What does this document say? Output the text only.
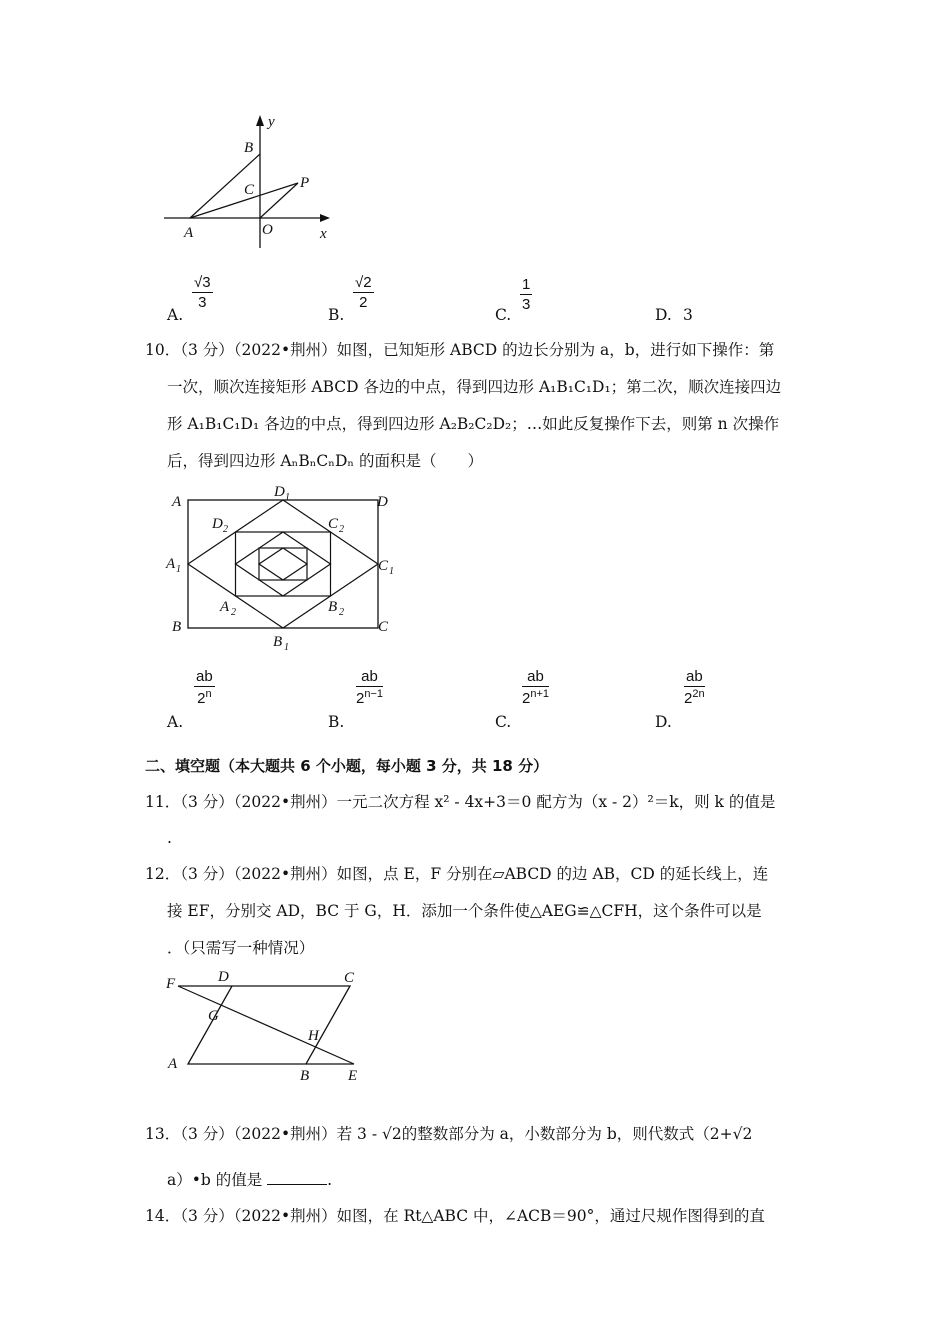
y
B
C	P
A	O	x
A.
√3
3
B.
√2
2
C.
1
3
D. 3
10．（3 分）（2022•荆州）如图，已知矩形 ABCD 的边长分别为 a，b，进行如下操作：第
一次，顺次连接矩形 ABCD 各边的中点，得到四边形 A₁B₁C₁D₁；第二次，顺次连接四边
形 A₁B₁C₁D₁ 各边的中点，得到四边形 A₂B₂C₂D₂；…如此反复操作下去，则第 n 次操作
后，得到四边形 AₙBₙCₙDₙ 的面积是（　　）
A
D 1	D
D 2	C 2
A 1	C 1
A 2	B 2
B
B 1
C
A.
ab
2$^n$
B.
ab
$2^{n-1}$
C.
ab
$2^{n+1}$
D.
ab
$2^{2n}$
二、填空题（本大题共 6 个小题，每小题 3 分，共 18 分）
11．（3 分）（2022•荆州）一元二次方程 x² - 4x+3＝0 配方为（x - 2）²＝k，则 k 的值是
.
12．（3 分）（2022•荆州）如图，点 E，F 分别在▱ABCD 的边 AB，CD 的延长线上，连
接 EF，分别交 AD，BC 于 G，H．添加一个条件使△AEG≌△CFH，这个条件可以是
．（只需写一种情况）
F	D	C
G
H
A
B	E
13．（3 分）（2022•荆州）若 3 - √2的整数部分为 a，小数部分为 b，则代数式（2+√2
a）•b 的值是	.
14．（3 分）（2022•荆州）如图，在 Rt△ABC 中，∠ACB＝90°，通过尺规作图得到的直
